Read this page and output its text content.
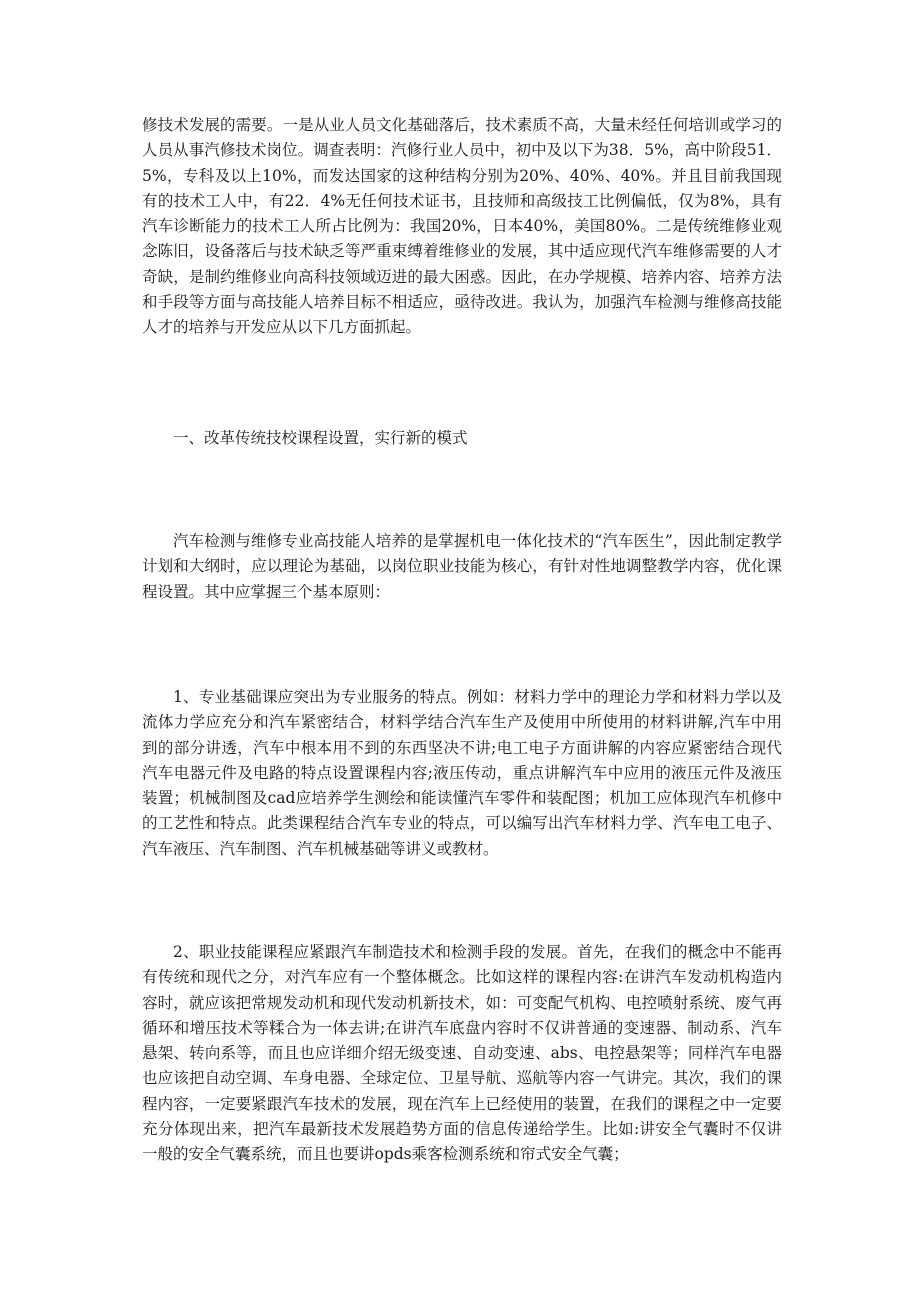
修技术发展的需要。一是从业人员文化基础落后，技术素质不高，大量未经任何培训或学习的人员从事汽修技术岗位。调查表明：汽修行业人员中，初中及以下为38．5%，高中阶段51．5%，专科及以上10%，而发达国家的这种结构分别为20%、40%、40%。并且目前我国现有的技术工人中，有22．4%无任何技术证书，且技师和高级技工比例偏低，仅为8%，具有汽车诊断能力的技术工人所占比例为：我国20%，日本40%，美国80%。二是传统维修业观念陈旧，设备落后与技术缺乏等严重束缚着维修业的发展，其中适应现代汽车维修需要的人才奇缺，是制约维修业向高科技领域迈进的最大困惑。因此，在办学规模、培养内容、培养方法和手段等方面与高技能人培养目标不相适应，亟待改进。我认为，加强汽车检测与维修高技能人才的培养与开发应从以下几方面抓起。

一、改革传统技校课程设置，实行新的模式

汽车检测与维修专业高技能人培养的是掌握机电一体化技术的“汽车医生”，因此制定教学计划和大纲时，应以理论为基础，以岗位职业技能为核心，有针对性地调整教学内容，优化课程设置。其中应掌握三个基本原则：

1、专业基础课应突出为专业服务的特点。例如：材料力学中的理论力学和材料力学以及流体力学应充分和汽车紧密结合，材料学结合汽车生产及使用中所使用的材料讲解,汽车中用到的部分讲透，汽车中根本用不到的东西坚决不讲;电工电子方面讲解的内容应紧密结合现代汽车电器元件及电路的特点设置课程内容;液压传动，重点讲解汽车中应用的液压元件及液压装置；机械制图及cad应培养学生测绘和能读懂汽车零件和装配图；机加工应体现汽车机修中的工艺性和特点。此类课程结合汽车专业的特点，可以编写出汽车材料力学、汽车电工电子、汽车液压、汽车制图、汽车机械基础等讲义或教材。

2、职业技能课程应紧跟汽车制造技术和检测手段的发展。首先，在我们的概念中不能再有传统和现代之分，对汽车应有一个整体概念。比如这样的课程内容:在讲汽车发动机构造内容时，就应该把常规发动机和现代发动机新技术，如：可变配气机构、电控喷射系统、废气再循环和增压技术等糅合为一体去讲;在讲汽车底盘内容时不仅讲普通的变速器、制动系、汽车悬架、转向系等，而且也应详细介绍无级变速、自动变速、abs、电控悬架等；同样汽车电器也应该把自动空调、车身电器、全球定位、卫星导航、巡航等内容一气讲完。其次，我们的课程内容，一定要紧跟汽车技术的发展，现在汽车上已经使用的装置，在我们的课程之中一定要充分体现出来，把汽车最新技术发展趋势方面的信息传递给学生。比如:讲安全气囊时不仅讲一般的安全气囊系统，而且也要讲opds乘客检测系统和帘式安全气囊；
